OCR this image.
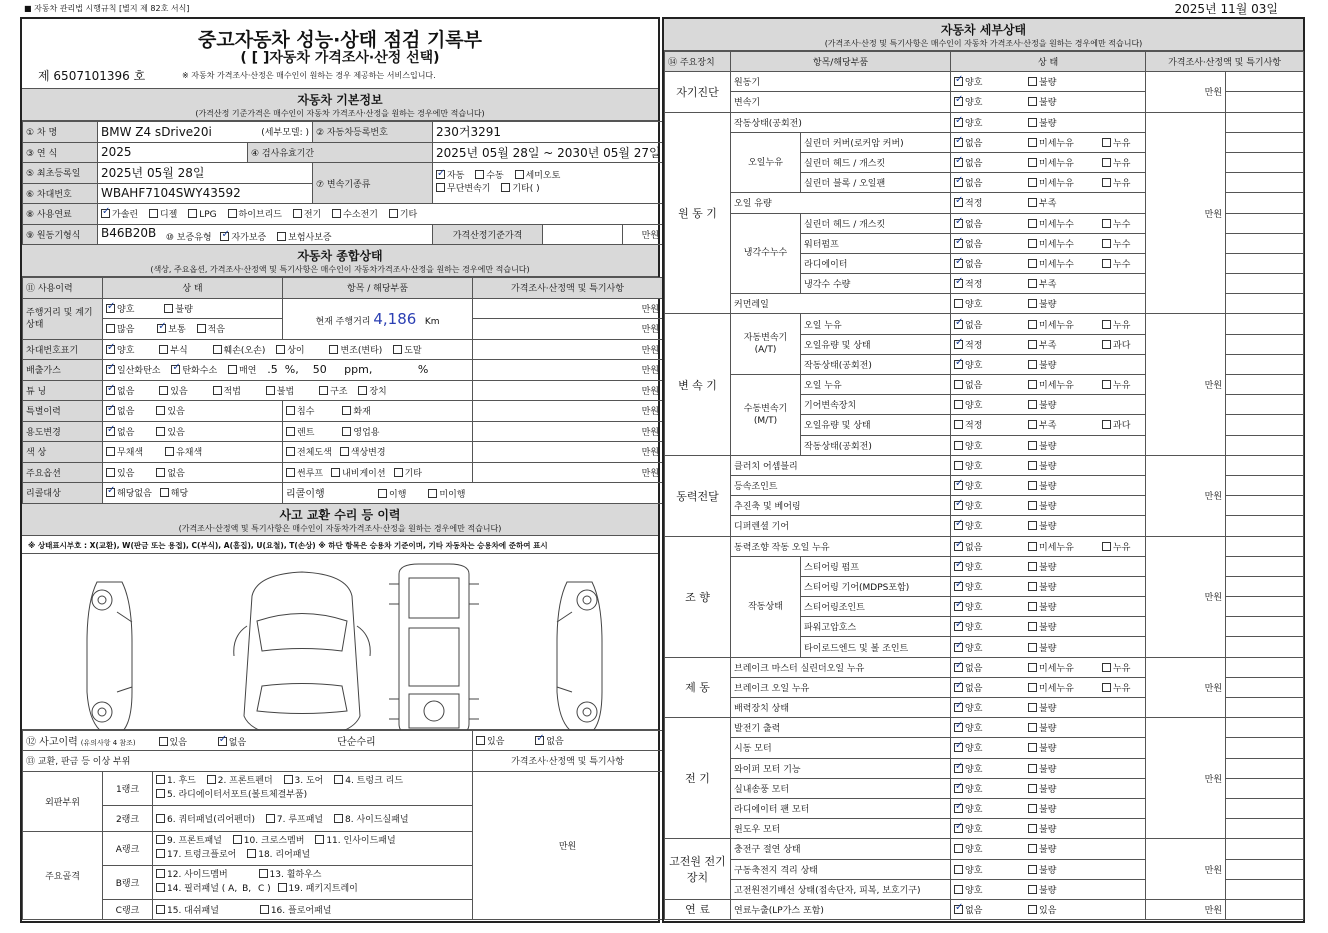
■ 자동차 관리법 시행규칙 [별지 제 82호 서식]	2025년 11월 03일
중고자동차 성능·상태 점검 기록부
( [ ]자동차 가격조사·산정 선택)
제 6507101396 호	※ 자동차 가격조사·산정은 매수인이 원하는 경우 제공하는 서비스입니다.
자동차 기본정보
(가격산정 기준가격은 매수인이 자동차 가격조사·산정을 원하는 경우에만 적습니다)
① 차 명	BMW Z4 sDrive20i (세부모델: )		② 자동차등록번호	230거3291		
③ 연 식	2025	④ 검사유효기간		2025년 05월 28일 ~ 2030년 05월 27일		
⑤ 최초등록일	2025년 05월 28일		⑦ 변속기종류	✓자동 수동 세미오토
무단변속기 기타( )
⑥ 차대번호	WBAHF7104SWY43592					
⑧ 사용연료	✓가솔린 디젤 LPG 하이브리드 전기 수소전기 기타
⑨ 원동기형식	B46B20B ⑩ 보증유형 ✓ 자가보증 보험사보증			가격산정기준가격		만원
자동차 종합상태
(색상, 주요옵션, 가격조사·산정액 및 특기사항은 매수인이 자동차가격조사·산정을 원하는 경우에만 적습니다)
⑪ 사용이력	상 태	항목 / 해당부품	가격조사·산정액 및 특기사항
주행거리 및 계기상태	✓양호 불량	현재 주행거리 4,186 Km	만원
	많음 ✓ 보통 적음		만원
차대번호표기	✓양호 부식 훼손(오손) 상이 변조(변타) 도말		만원
배출가스	✓일산화탄소 ✓ 탄화수소 매연 .5  %,    50     ppm,             %		만원
튜 닝	✓없음 있음 적법 불법 구조 장치		만원
특별이력	✓없음 있음	침수 화재	만원
용도변경	✓없음 있음	렌트 영업용	만원
색 상	무채색 유채색	전체도색 색상변경	만원
주요옵션	있음 없음	썬루프 내비게이션 기타	만원
리콜대상	✓해당없음 해당	리콜이행 이행 미이행	
사고 교환 수리 등 이력
(가격조사·산정액 및 특기사항은 매수인이 자동차가격조사·산정을 원하는 경우에만 적습니다)
※ 상태표시부호 : X(교환), W(판금 또는 용접), C(부식), A(흠집), U(요철), T(손상) ※ 하단 항목은 승용차 기준이며, 기타 자동차는 승용차에 준하여 표시
⑫ 사고이력 (유의사항 4 참조) 있음 ✓ 없음 단순수리			있음 ✓ 없음
⑬ 교환, 판금 등 이상 부위			가격조사·산정액 및 특기사항
외판부위	1랭크	1. 후드 2. 프론트펜더 3. 도어 4. 트렁크 리드
5. 라디에이터서포트(볼트체결부품)	만원
	2랭크	6. 쿼터패널(리어펜더) 7. 루프패널 8. 사이드실패널	
주요골격	A랭크	9. 프론트패널 10. 크로스멤버 11. 인사이드패널
17. 트렁크플로어 18. 리어패널	
	B랭크	12. 사이드멤버 13. 휠하우스
14. 필러패널 ( A, B, C ) 19. 패키지트레이	
	C랭크	15. 대쉬패널 16. 플로어패널	
자동차 세부상태
(가격조사·산정 및 특기사항은 매수인이 자동차 가격조사·산정을 원하는 경우에만 적습니다)
⑭ 주요장치	항목/해당부품		상 태	가격조사·산정액 및 특기사항	
자기진단	원동기	✓양호 불량	만원	
	변속기	✓양호 불량	
원 동 기	작동상태(공회전)	✓양호 불량	만원	
	오일누유	실린더 커버(로커암 커버)	✓없음 미세누유 누유	
		실린더 헤드 / 개스킷	✓없음 미세누유 누유	
		실린더 블록 / 오일팬	✓없음 미세누유 누유	
	오일 유량	✓적정 부족	
	냉각수누수	실린더 헤드 / 개스킷	✓없음 미세누수 누수	
		워터펌프	✓없음 미세누수 누수	
		라디에이터	✓없음 미세누수 누수	
		냉각수 수량	✓적정 부족	
	커먼레일		양호 불량		
변 속 기	자동변속기 (A/T)	오일 누유	✓없음 미세누유 누유	만원	
		오일유량 및 상태	✓적정 부족 과다	
		작동상태(공회전)	✓양호 불량	
	수동변속기 (M/T)	오일 누유	없음 미세누유 누유		
		기어변속장치	양호 불량		
		오일유량 및 상태	적정 부족 과다		
		작동상태(공회전)	양호 불량		
동력전달	클러치 어셈블리		양호 불량	만원	
	등속조인트	✓양호 불량	
	추진축 및 베어링	✓양호 불량	
	디퍼렌셜 기어	✓양호 불량	
조 향	동력조향 작동 오일 누유	✓없음 미세누유 누유	만원	
	작동상태	스티어링 펌프	✓양호 불량	
		스티어링 기어(MDPS포함)	✓양호 불량	
		스티어링조인트	✓양호 불량	
		파워고압호스	✓양호 불량	
		타이로드엔드 및 볼 조인트	✓양호 불량	
제 동	브레이크 마스터 실린더오일 누유	✓없음 미세누유 누유	만원	
	브레이크 오일 누유	✓없음 미세누유 누유	
	배력장치 상태	✓양호 불량	
전 기	발전기 출력	✓양호 불량	만원	
	시동 모터	✓양호 불량	
	와이퍼 모터 기능	✓양호 불량	
	실내송풍 모터	✓양호 불량	
	라디에이터 팬 모터	✓양호 불량	
	윈도우 모터	✓양호 불량	
고전원 전기장치	충전구 절연 상태		양호 불량	만원	
	구동축전지 격리 상태		양호 불량		
	고전원전기배선 상태(접속단자, 피복, 보호기구)		양호 불량		
연 료	연료누출(LP가스 포함)	✓없음 있음	만원	
